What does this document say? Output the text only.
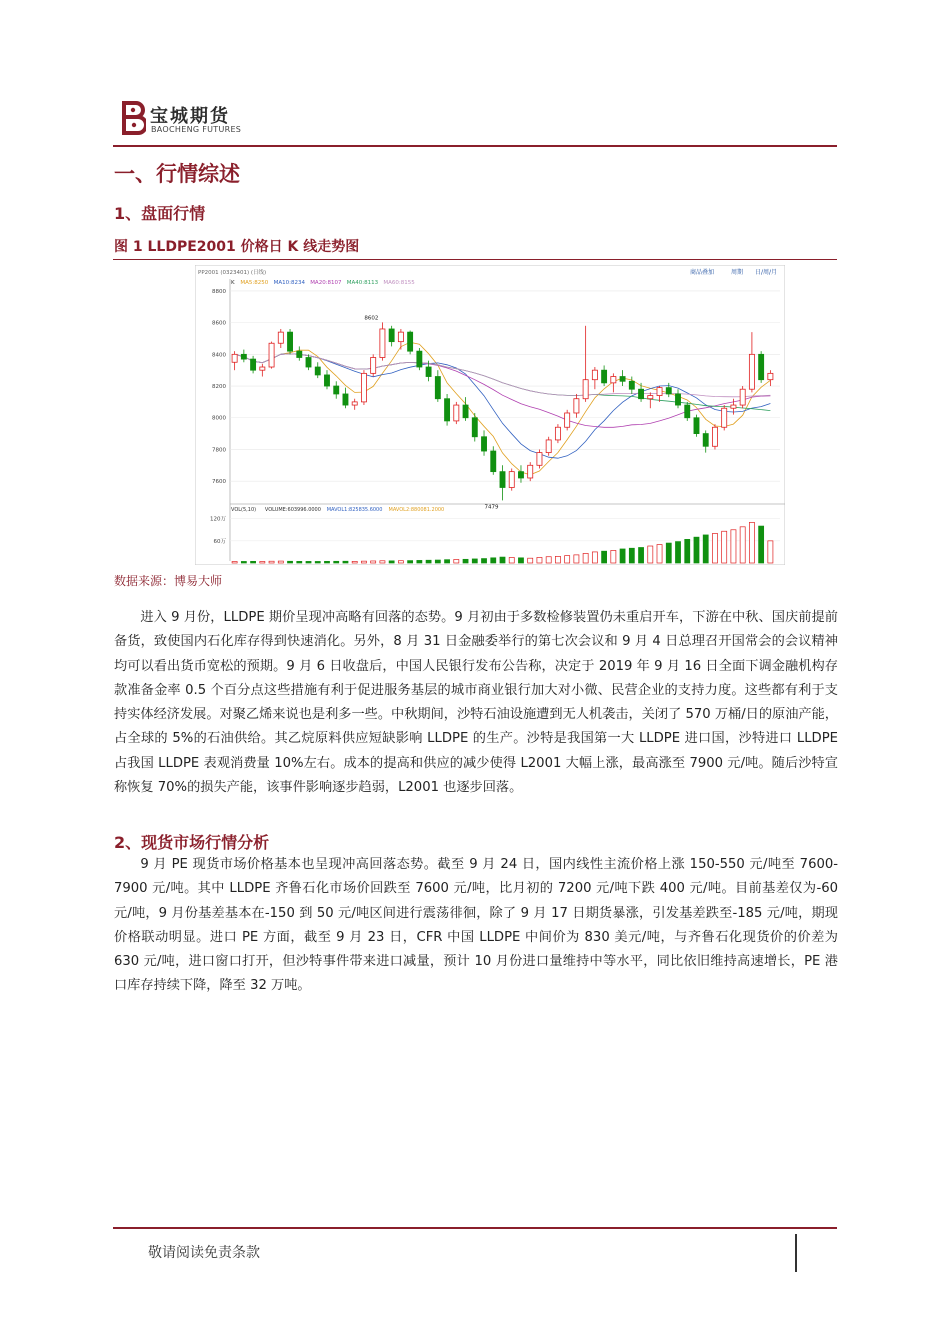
宝城期货
BAOCHENG FUTURES
一、行情综述
1、盘面行情
图 1 LLDPE2001 价格日 K 线走势图
PP2001 (0323401) (日线)	商品叠加	周期 日/周/月
K MA5:8250 MA10:8234 MA20:8107 MA40:8113 MA60:8155
7600
7800
8000
8200
8400
8600
8800
8602
7479
VOL(5,10) VOLUME:603996.0000 MAVOL1:825835.6000 MAVOL2:880081.2000
120万
60万
数据来源：博易大师

进入 9 月份，LLDPE 期价呈现冲高略有回落的态势。9 月初由于多数检修装置仍未重启开车，下游在中秋、国庆前提前备货，致使国内石化库存得到快速消化。另外，8 月 31 日金融委举行的第七次会议和 9 月 4 日总理召开国常会的会议精神均可以看出货币宽松的预期。9 月 6 日收盘后，中国人民银行发布公告称，决定于 2019 年 9 月 16 日全面下调金融机构存款准备金率 0.5 个百分点这些措施有利于促进服务基层的城市商业银行加大对小微、民营企业的支持力度。这些都有利于支持实体经济发展。对聚乙烯来说也是利多一些。中秋期间，沙特石油设施遭到无人机袭击，关闭了 570 万桶/日的原油产能，占全球的 5%的石油供给。其乙烷原料供应短缺影响 LLDPE 的生产。沙特是我国第一大 LLDPE 进口国，沙特进口 LLDPE 占我国 LLDPE 表观消费量 10%左右。成本的提高和供应的减少使得 L2001 大幅上涨，最高涨至 7900 元/吨。随后沙特宣称恢复 70%的损失产能，该事件影响逐步趋弱，L2001 也逐步回落。

2、现货市场行情分析

9 月 PE 现货市场价格基本也呈现冲高回落态势。截至 9 月 24 日，国内线性主流价格上涨 150-550 元/吨至 7600-7900 元/吨。其中 LLDPE 齐鲁石化市场价回跌至 7600 元/吨，比月初的 7200 元/吨下跌 400 元/吨。目前基差仅为-60 元/吨，9 月份基差基本在-150 到 50 元/吨区间进行震荡徘徊，除了 9 月 17 日期货暴涨，引发基差跌至-185 元/吨，期现价格联动明显。进口 PE 方面，截至 9 月 23 日，CFR 中国 LLDPE 中间价为 830 美元/吨，与齐鲁石化现货价的价差为 630 元/吨，进口窗口打开，但沙特事件带来进口减量，预计 10 月份进口量维持中等水平，同比依旧维持高速增长，PE 港口库存持续下降，降至 32 万吨。

敬请阅读免责条款
